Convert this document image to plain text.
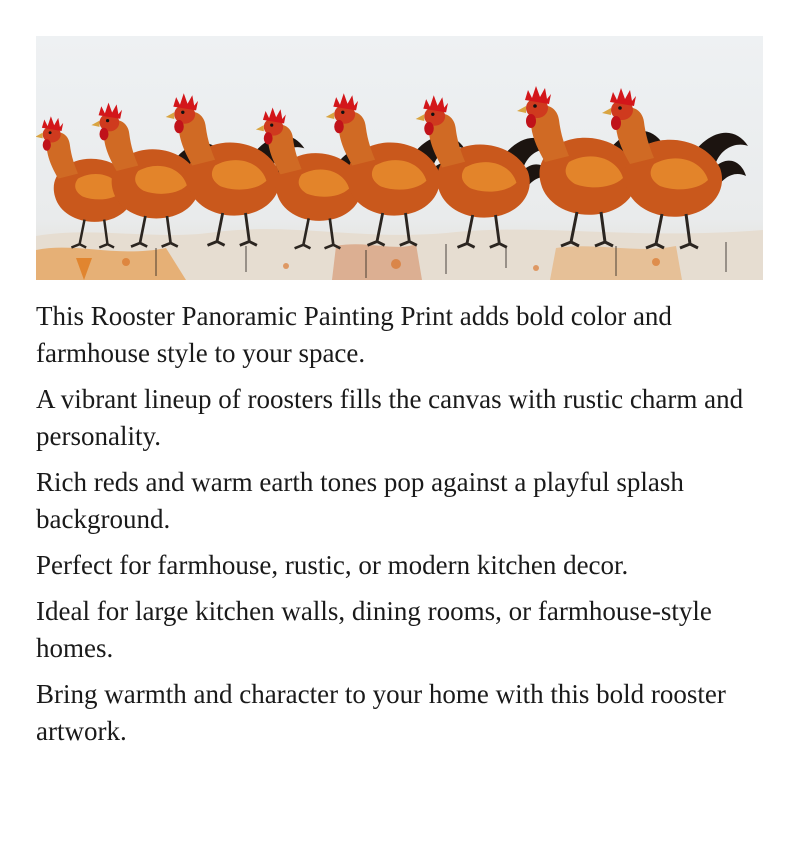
This Rooster Panoramic Painting Print adds bold color and farmhouse style to your space.
A vibrant lineup of roosters fills the canvas with rustic charm and personality.
Rich reds and warm earth tones pop against a playful splash background.
Perfect for farmhouse, rustic, or modern kitchen decor.
Ideal for large kitchen walls, dining rooms, or farmhouse-style homes.
Bring warmth and character to your home with this bold rooster artwork.
